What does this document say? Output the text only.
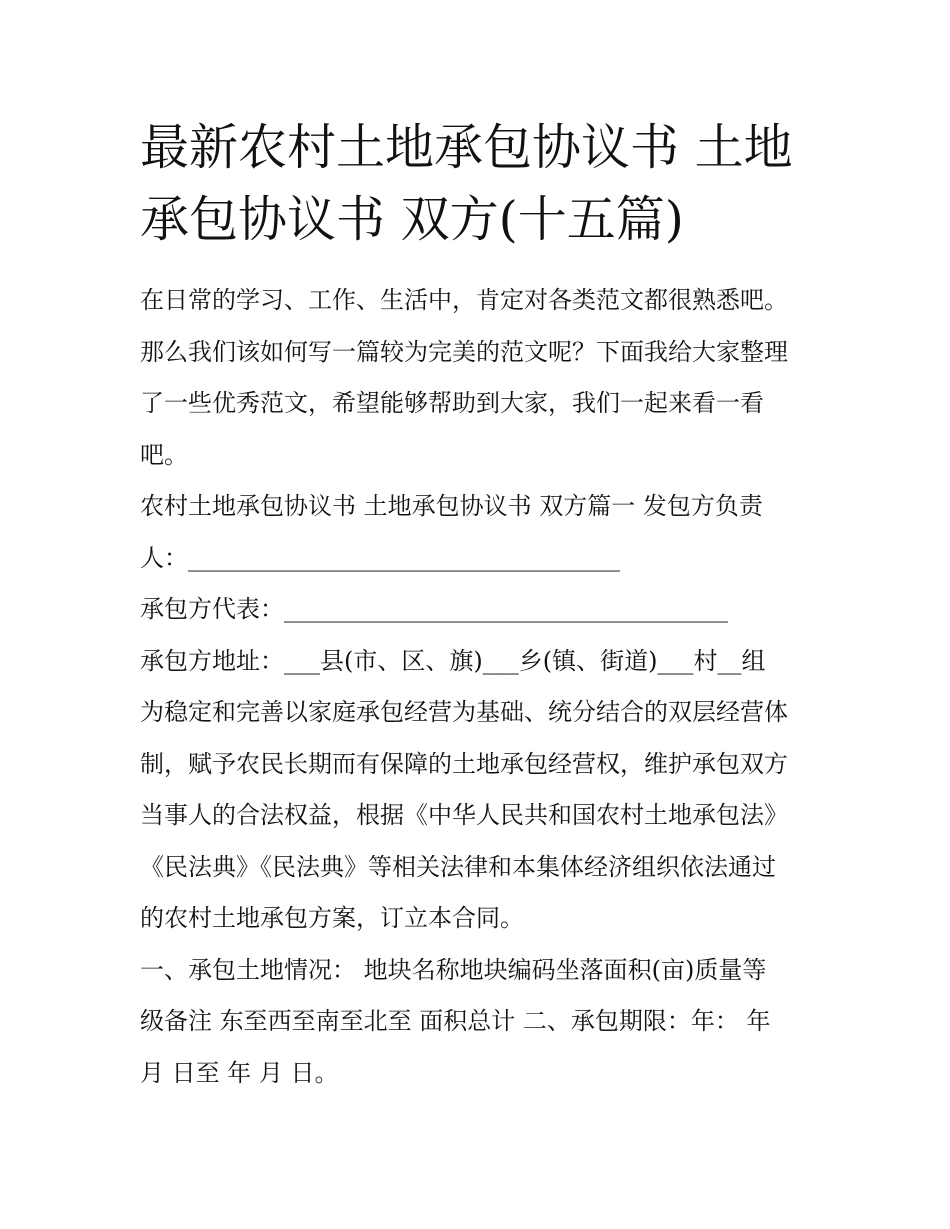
最新农村土地承包协议书 土地
承包协议书 双方(十五篇)
在日常的学习、工作、生活中，肯定对各类范文都很熟悉吧。
那么我们该如何写一篇较为完美的范文呢？下面我给大家整理
了一些优秀范文，希望能够帮助到大家，我们一起来看一看
吧。
农村土地承包协议书 土地承包协议书 双方篇一 发包方负责
人：____________________________________
承包方代表：_____________________________________
承包方地址：___县(市、区、旗)___乡(镇、街道)___村__组
为稳定和完善以家庭承包经营为基础、统分结合的双层经营体
制，赋予农民长期而有保障的土地承包经营权，维护承包双方
当事人的合法权益，根据《中华人民共和国农村土地承包法》
《民法典》《民法典》等相关法律和本集体经济组织依法通过
的农村土地承包方案，订立本合同。
一、承包土地情况： 地块名称地块编码坐落面积(亩)质量等
级备注 东至西至南至北至 面积总计 二、承包期限：年： 年
月 日至 年 月 日。
